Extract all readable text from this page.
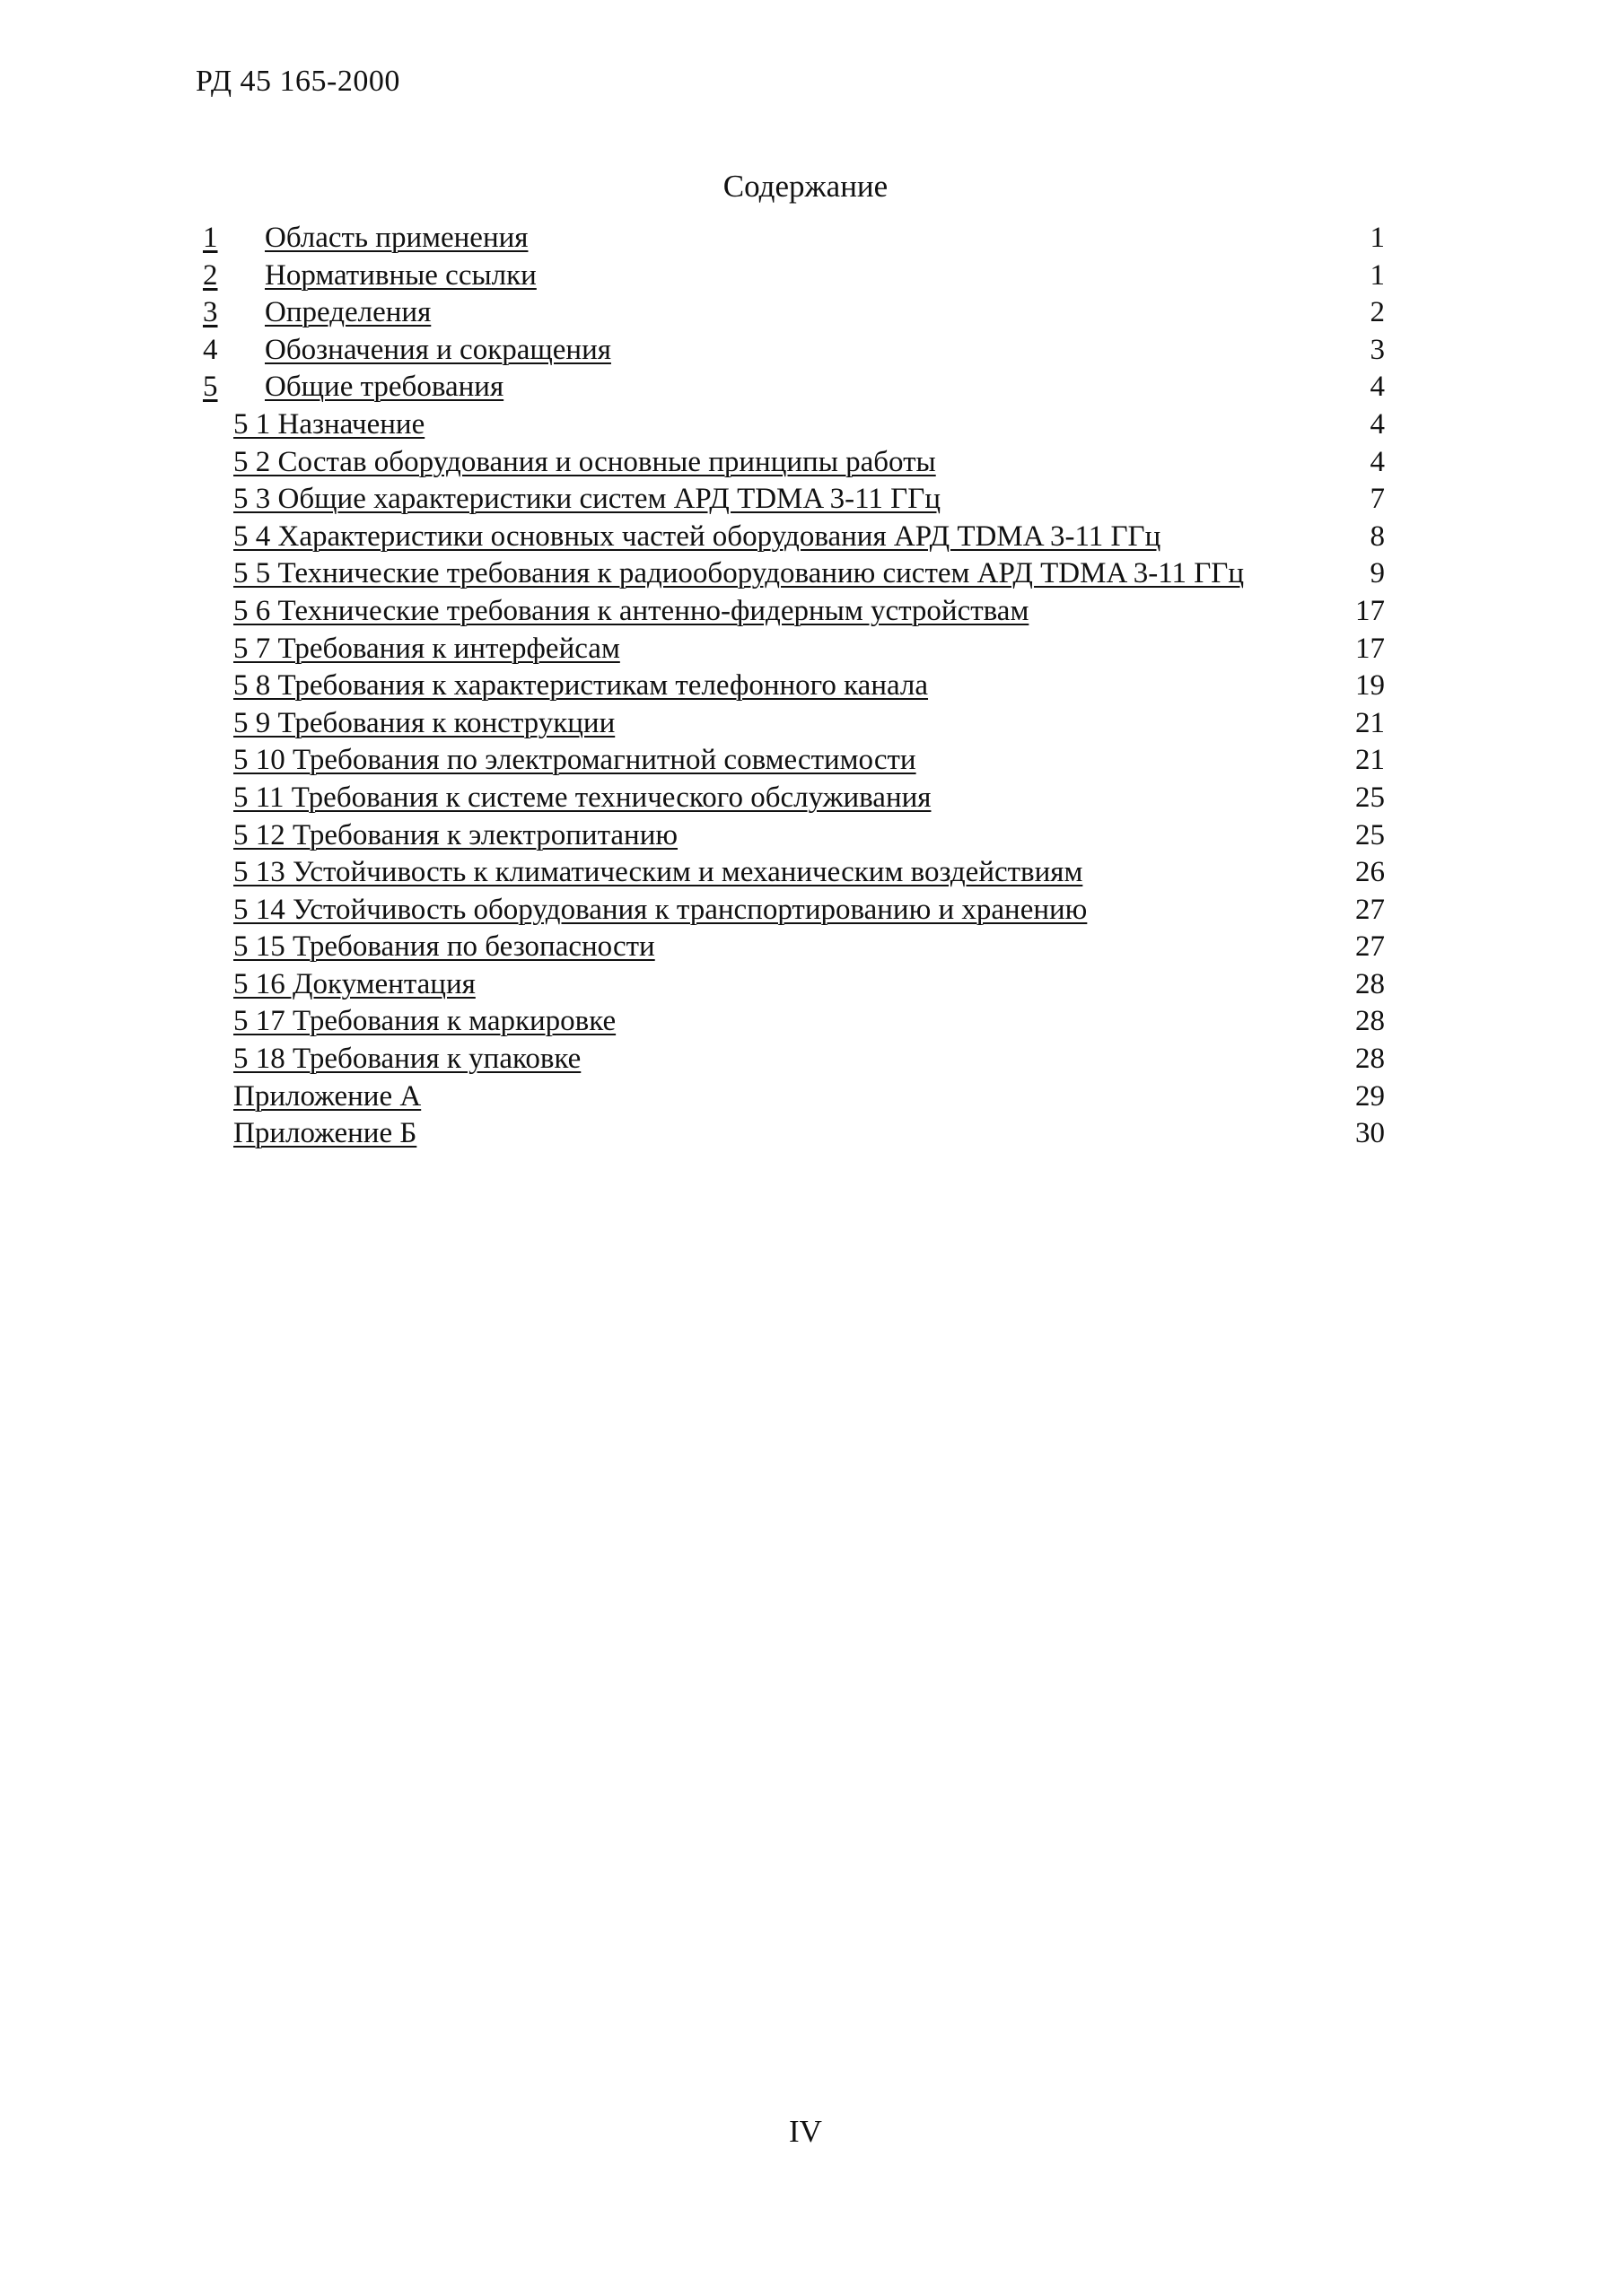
РД 45 165-2000
Содержание
1 Область применения	1
2 Нормативные ссылки	1
3 Определения	2
4 Обозначения и сокращения	3
5 Общие требования	4
5 1 Назначение	4
5 2 Состав оборудования и основные принципы работы	4
5 3 Общие характеристики систем АРД TDMA 3-11 ГГц	7
5 4 Характеристики основных частей оборудования АРД TDMA 3-11 ГГц	8
5 5 Технические требования к радиооборудованию систем АРД TDMA 3-11 ГГц	9
5 6 Технические требования к антенно-фидерным устройствам	17
5 7 Требования к интерфейсам	17
5 8 Требования к характеристикам телефонного канала	19
5 9 Требования к конструкции	21
5 10 Требования по электромагнитной совместимости	21
5 11 Требования к системе технического обслуживания	25
5 12 Требования к электропитанию	25
5 13 Устойчивость к климатическим и механическим воздействиям	26
5 14 Устойчивость оборудования к транспортированию и хранению	27
5 15 Требования по безопасности	27
5 16 Документация	28
5 17 Требования к маркировке	28
5 18 Требования к упаковке	28
Приложение А	29
Приложение Б	30
IV
